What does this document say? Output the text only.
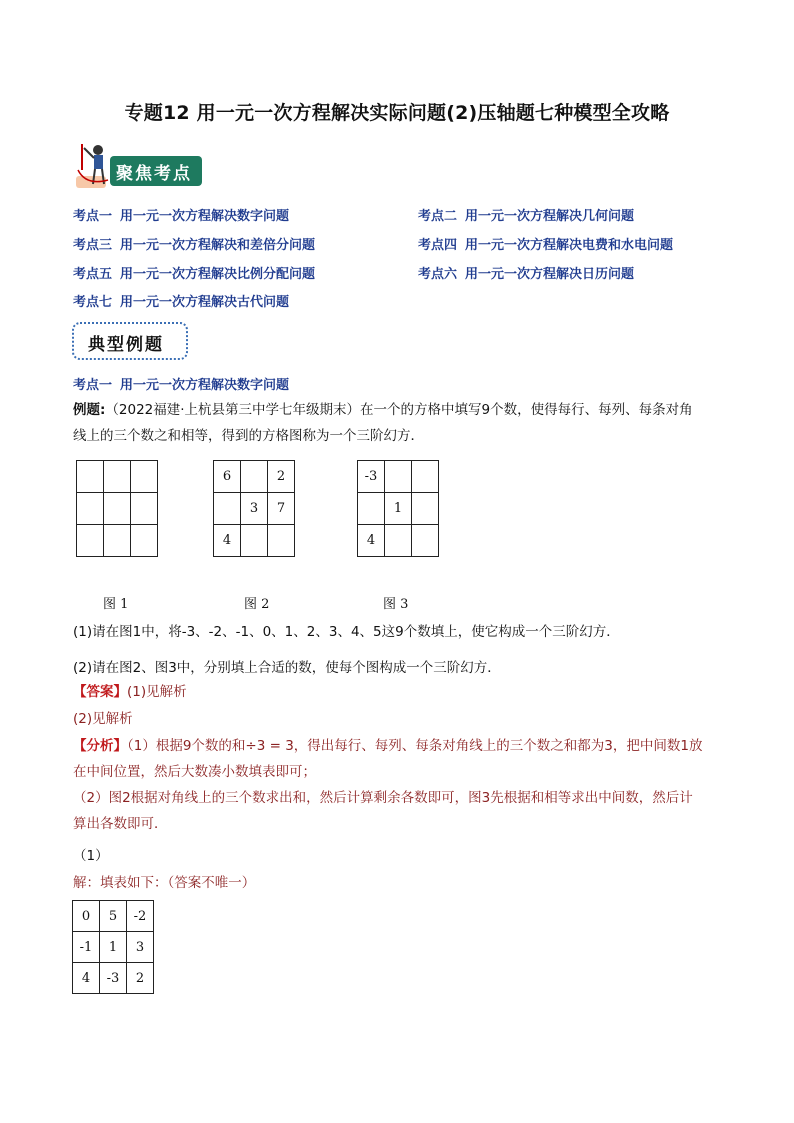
专题12 用一元一次方程解决实际问题(2)压轴题七种模型全攻略
聚焦考点
考点一 用一元一次方程解决数字问题	考点二 用一元一次方程解决几何问题
考点三 用一元一次方程解决和差倍分问题	考点四 用一元一次方程解决电费和水电问题
考点五 用一元一次方程解决比例分配问题	考点六 用一元一次方程解决日历问题
考点七 用一元一次方程解决古代问题
典型例题
考点一 用一元一次方程解决数字问题
例题:（2022福建·上杭县第三中学七年级期末）在一个的方格中填写9个数，使得每行、每列、每条对角
线上的三个数之和相等，得到的方格图称为一个三阶幻方．

6		2
	3	7
4		
-3		
	1	
4		
图 1	图 2	图 3
(1)请在图1中，将-3、-2、-1、0、1、2、3、4、5这9个数填上，使它构成一个三阶幻方．
(2)请在图2、图3中，分别填上合适的数，使每个图构成一个三阶幻方．
【答案】(1)见解析
(2)见解析
【分析】（1）根据9个数的和÷3 = 3，得出每行、每列、每条对角线上的三个数之和都为3，把中间数1放
在中间位置，然后大数凑小数填表即可；
（2）图2根据对角线上的三个数求出和，然后计算剩余各数即可，图3先根据和相等求出中间数，然后计
算出各数即可．
（1）
解：填表如下：（答案不唯一）
0	5	-2
-1	1	3
4	-3	2
